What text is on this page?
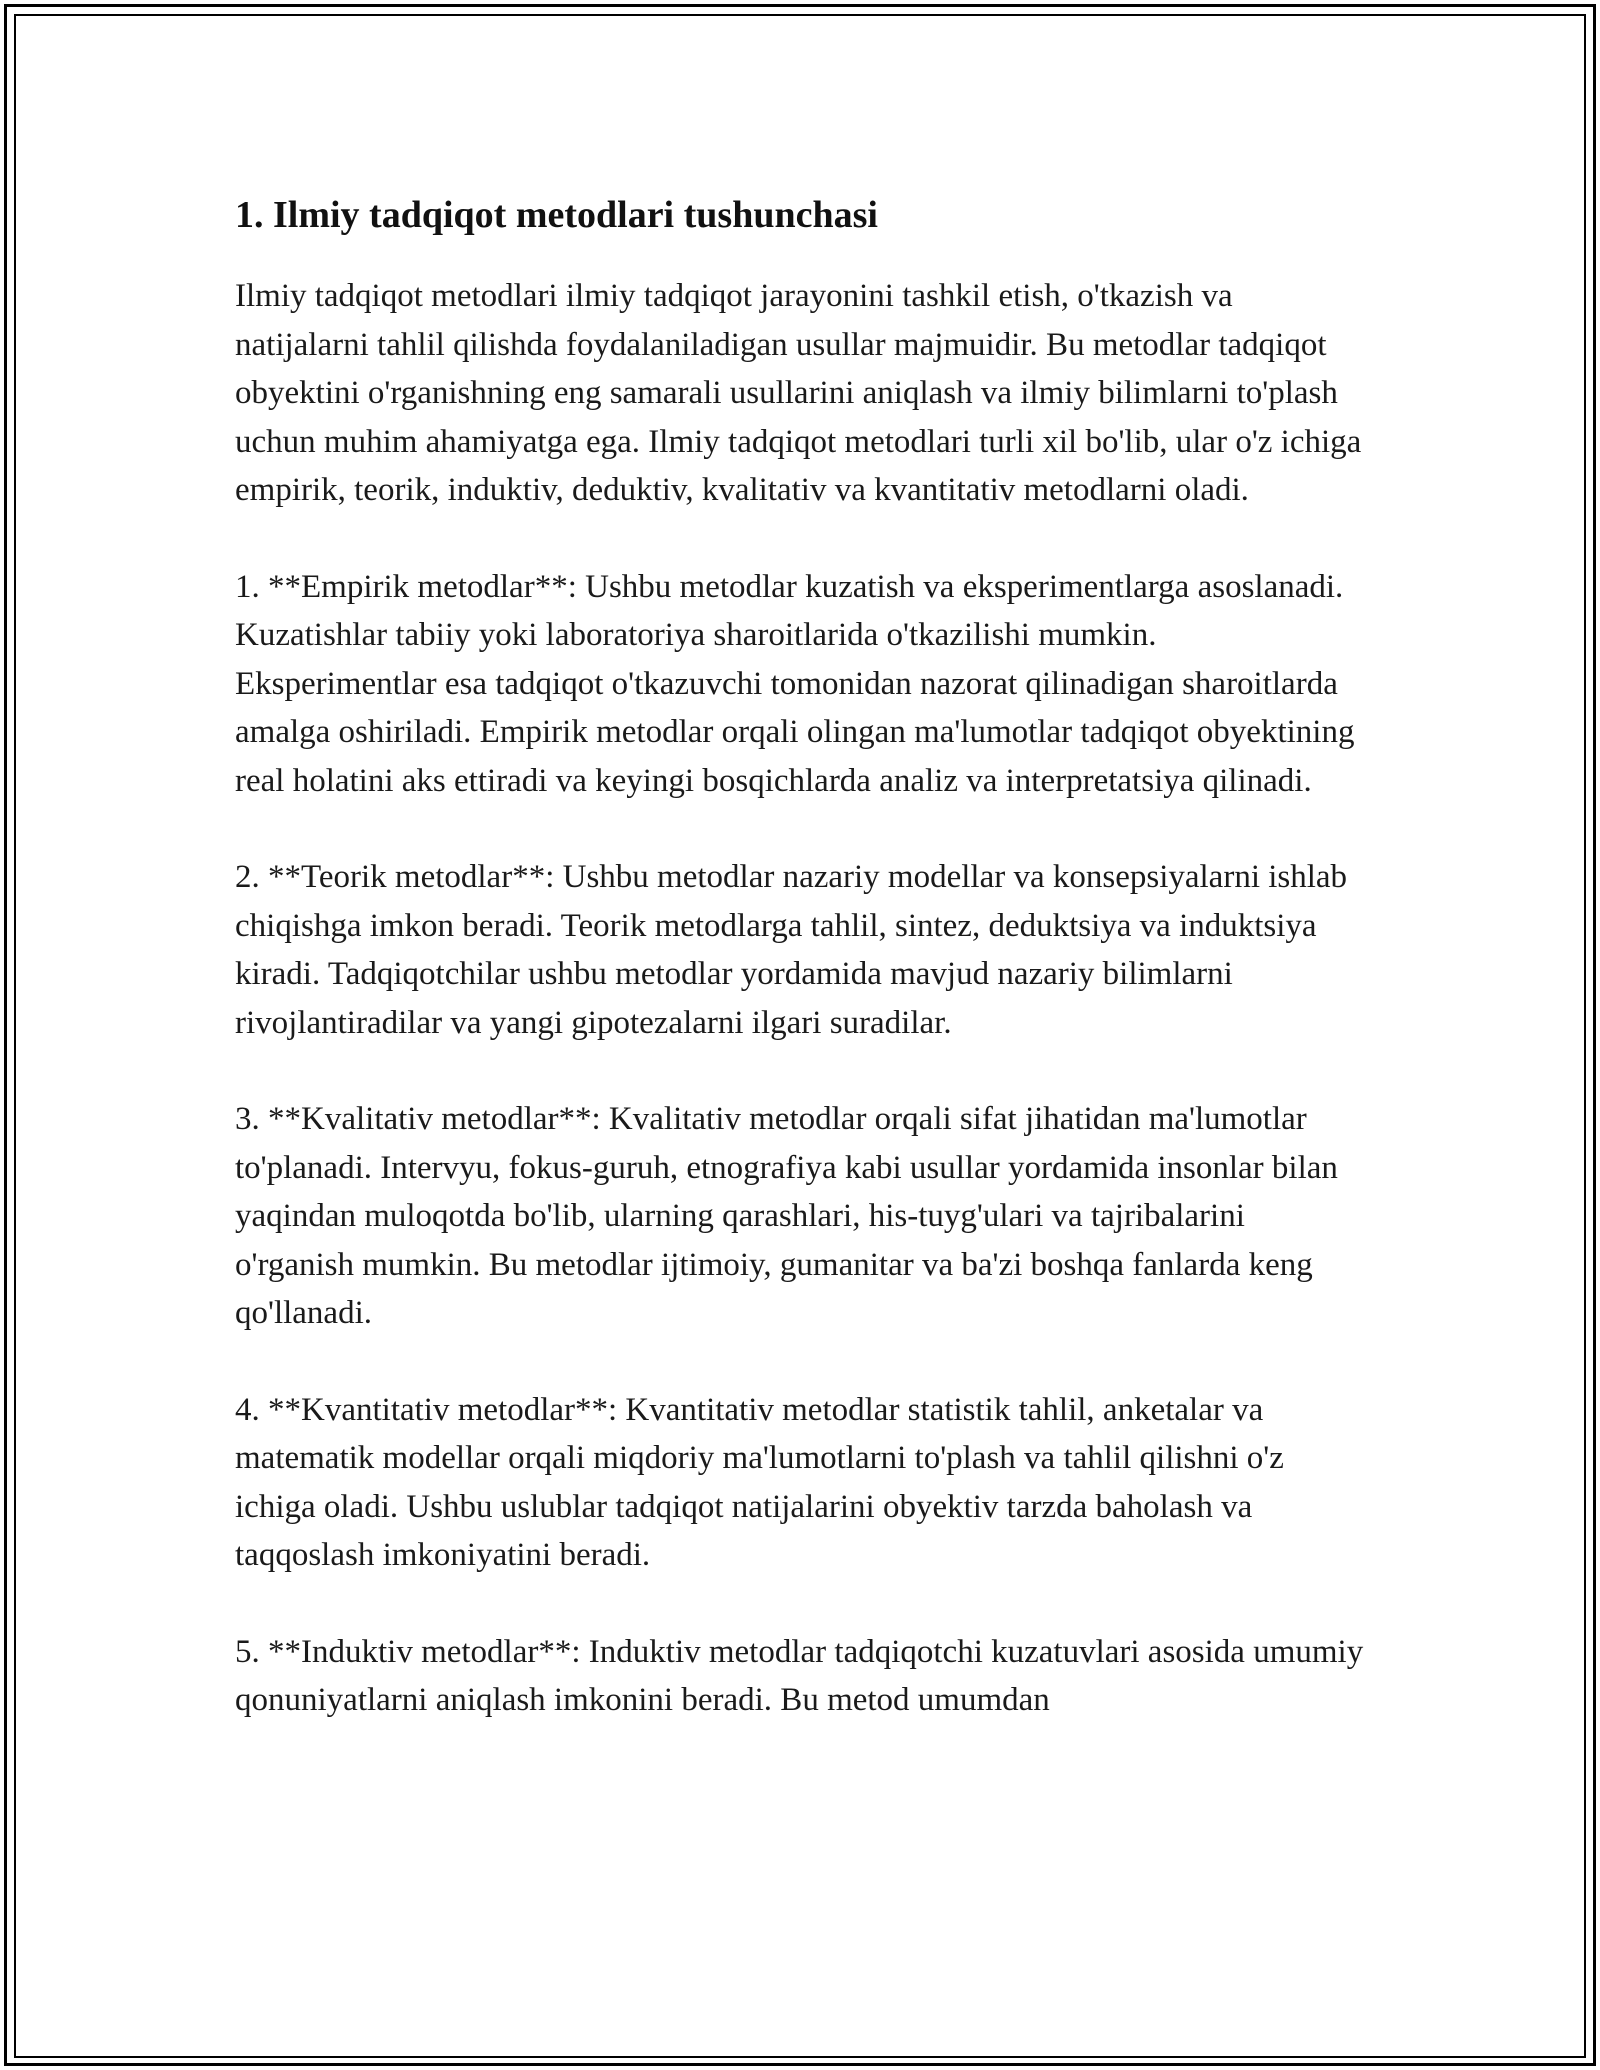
1. Ilmiy tadqiqot metodlari tushunchasi

Ilmiy tadqiqot metodlari ilmiy tadqiqot jarayonini tashkil etish, o'tkazish va natijalarni tahlil qilishda foydalaniladigan usullar majmuidir. Bu metodlar tadqiqot obyektini o'rganishning eng samarali usullarini aniqlash va ilmiy bilimlarni to'plash uchun muhim ahamiyatga ega. Ilmiy tadqiqot metodlari turli xil bo'lib, ular o'z ichiga empirik, teorik, induktiv, deduktiv, kvalitativ va kvantitativ metodlarni oladi.

1. **Empirik metodlar**: Ushbu metodlar kuzatish va eksperimentlarga asoslanadi. Kuzatishlar tabiiy yoki laboratoriya sharoitlarida o'tkazilishi mumkin. Eksperimentlar esa tadqiqot o'tkazuvchi tomonidan nazorat qilinadigan sharoitlarda amalga oshiriladi. Empirik metodlar orqali olingan ma'lumotlar tadqiqot obyektining real holatini aks ettiradi va keyingi bosqichlarda analiz va interpretatsiya qilinadi.

2. **Teorik metodlar**: Ushbu metodlar nazariy modellar va konsepsiyalarni ishlab chiqishga imkon beradi. Teorik metodlarga tahlil, sintez, deduktsiya va induktsiya kiradi. Tadqiqotchilar ushbu metodlar yordamida mavjud nazariy bilimlarni rivojlantiradilar va yangi gipotezalarni ilgari suradilar.

3. **Kvalitativ metodlar**: Kvalitativ metodlar orqali sifat jihatidan ma'lumotlar to'planadi. Intervyu, fokus-guruh, etnografiya kabi usullar yordamida insonlar bilan yaqindan muloqotda bo'lib, ularning qarashlari, his-tuyg'ulari va tajribalarini o'rganish mumkin. Bu metodlar ijtimoiy, gumanitar va ba'zi boshqa fanlarda keng qo'llanadi.

4. **Kvantitativ metodlar**: Kvantitativ metodlar statistik tahlil, anketalar va matematik modellar orqali miqdoriy ma'lumotlarni to'plash va tahlil qilishni o'z ichiga oladi. Ushbu uslublar tadqiqot natijalarini obyektiv tarzda baholash va taqqoslash imkoniyatini beradi.

5. **Induktiv metodlar**: Induktiv metodlar tadqiqotchi kuzatuvlari asosida umumiy qonuniyatlarni aniqlash imkonini beradi. Bu metod umumdan
